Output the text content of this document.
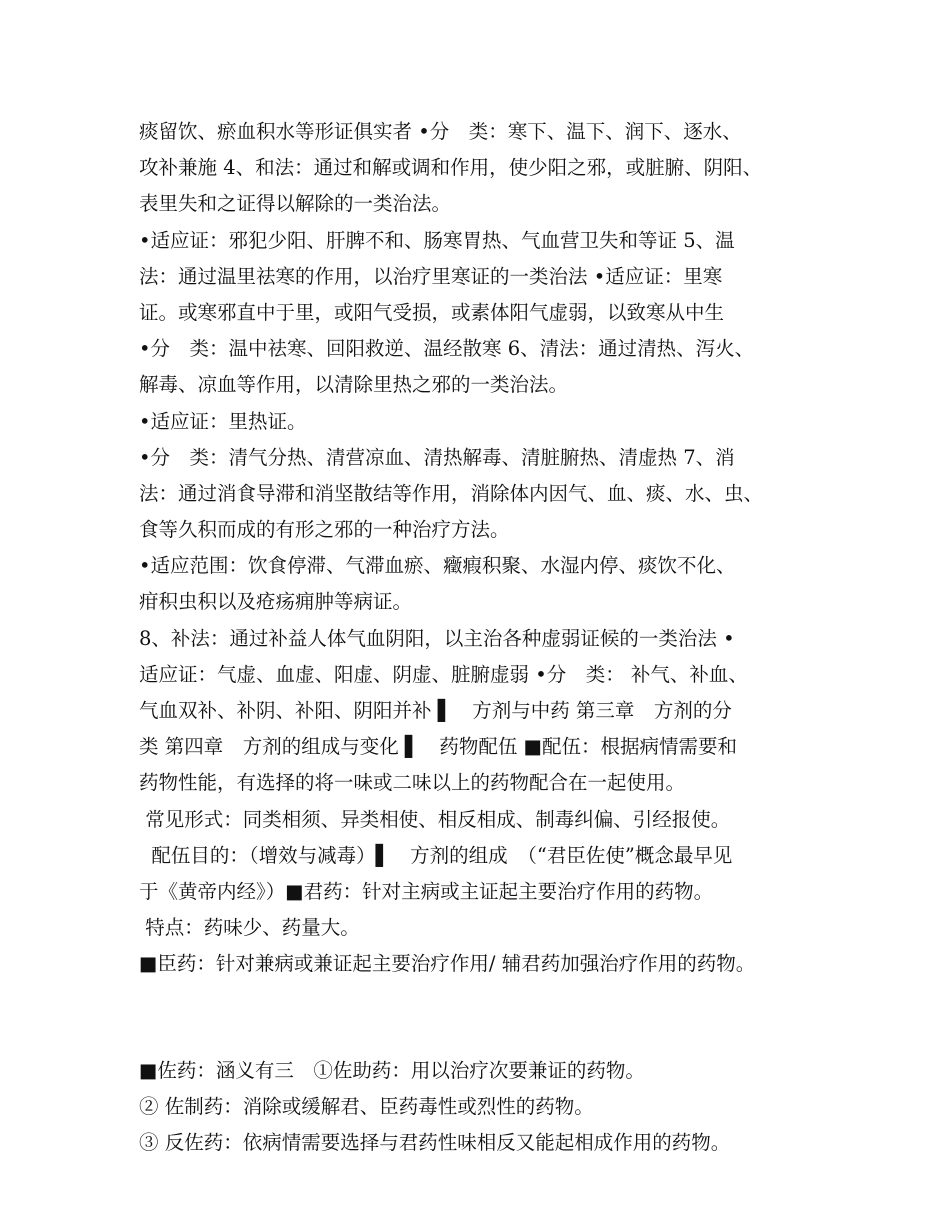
痰留饮、瘀血积水等形证俱实者 •分　类：寒下、温下、润下、逐水、
攻补兼施 4、和法：通过和解或调和作用，使少阳之邪，或脏腑、阴阳、
表里失和之证得以解除的一类治法。
•适应证：邪犯少阳、肝脾不和、肠寒胃热、气血营卫失和等证 5、温
法：通过温里祛寒的作用，以治疗里寒证的一类治法 •适应证：里寒
证。或寒邪直中于里，或阳气受损，或素体阳气虚弱，以致寒从中生
•分　类：温中祛寒、回阳救逆、温经散寒 6、清法：通过清热、泻火、
解毒、凉血等作用，以清除里热之邪的一类治法。
•适应证：里热证。
•分　类：清气分热、清营凉血、清热解毒、清脏腑热、清虚热 7、消
法：通过消食导滞和消坚散结等作用，消除体内因气、血、痰、水、虫、
食等久积而成的有形之邪的一种治疗方法。
•适应范围：饮食停滞、气滞血瘀、癥瘕积聚、水湿内停、痰饮不化、
疳积虫积以及疮疡痈肿等病证。
8、补法：通过补益人体气血阴阳，以主治各种虚弱证候的一类治法 •
适应证：气虚、血虚、阳虚、阴虚、脏腑虚弱 •分　类： 补气、补血、
气血双补、补阴、补阳、阴阳并补 ▌　方剂与中药 第三章　方剂的分
类 第四章　方剂的组成与变化 ▌　药物配伍 ■配伍：根据病情需要和
药物性能，有选择的将一味或二味以上的药物配合在一起使用。
常见形式：同类相须、异类相使、相反相成、制毒纠偏、引经报使。
配伍目的：（增效与减毒）▌　方剂的组成　（“君臣佐使”概念最早见
于《黄帝内经》）■君药：针对主病或主证起主要治疗作用的药物。
特点：药味少、药量大。
■臣药：针对兼病或兼证起主要治疗作用/ 辅君药加强治疗作用的药物。
■佐药：涵义有三　①佐助药：用以治疗次要兼证的药物。
② 佐制药：消除或缓解君、臣药毒性或烈性的药物。
③ 反佐药：依病情需要选择与君药性味相反又能起相成作用的药物。
